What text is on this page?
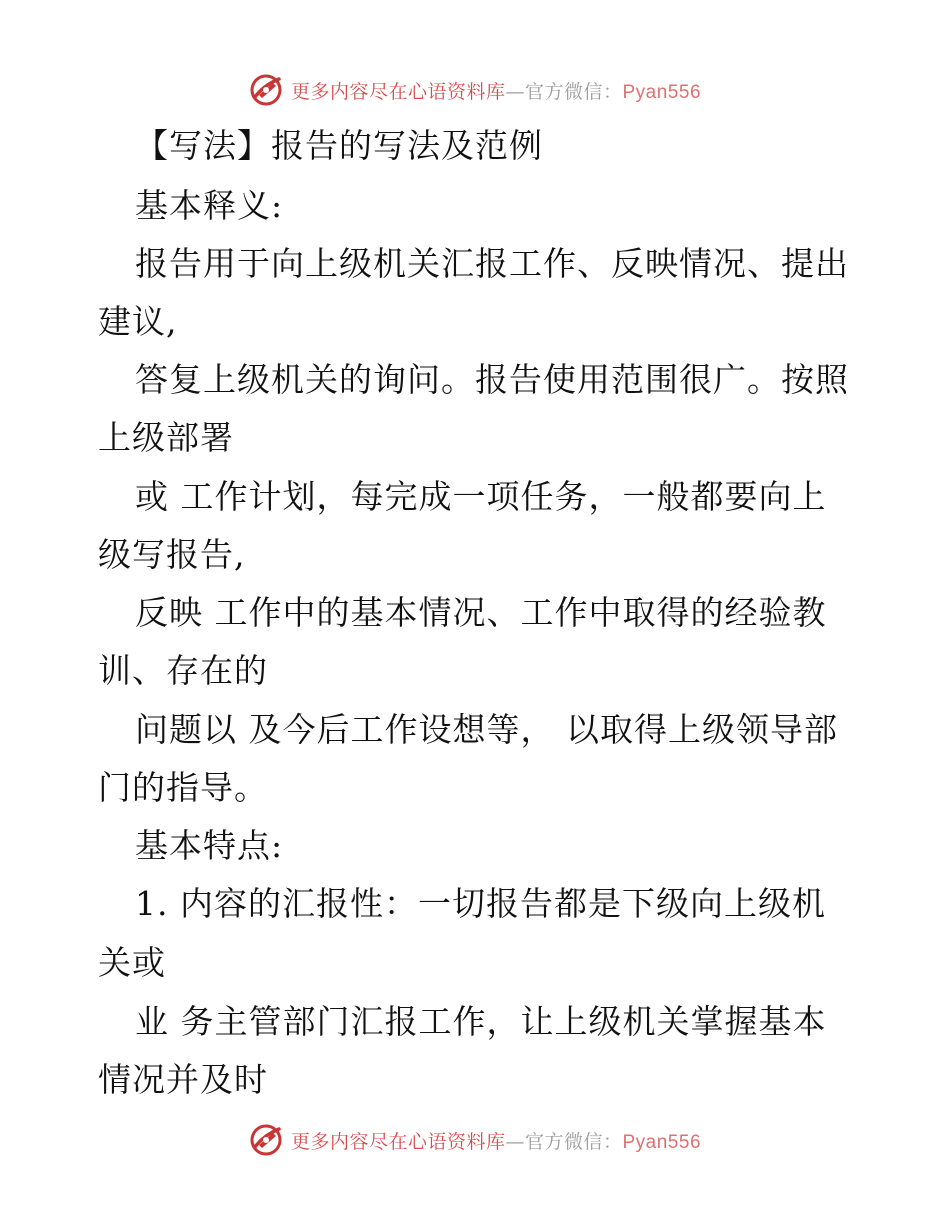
更多内容尽在心语资料库—官方微信：Pyan556
【写法】报告的写法及范例
基本释义:
报告用于向上级机关汇报工作、反映情况、提出
建议,
答复上级机关的询问。报告使用范围很广。按照
上级部署
或 工作计划，每完成一项任务，一般都要向上
级写报告,
反映 工作中的基本情况、工作中取得的经验教
训、存在的
问题以 及今后工作设想等， 以取得上级领导部
门的指导。
基本特点:
1. 内容的汇报性：一切报告都是下级向上级机
关或
业 务主管部门汇报工作，让上级机关掌握基本
情况并及时
更多内容尽在心语资料库—官方微信：Pyan556
